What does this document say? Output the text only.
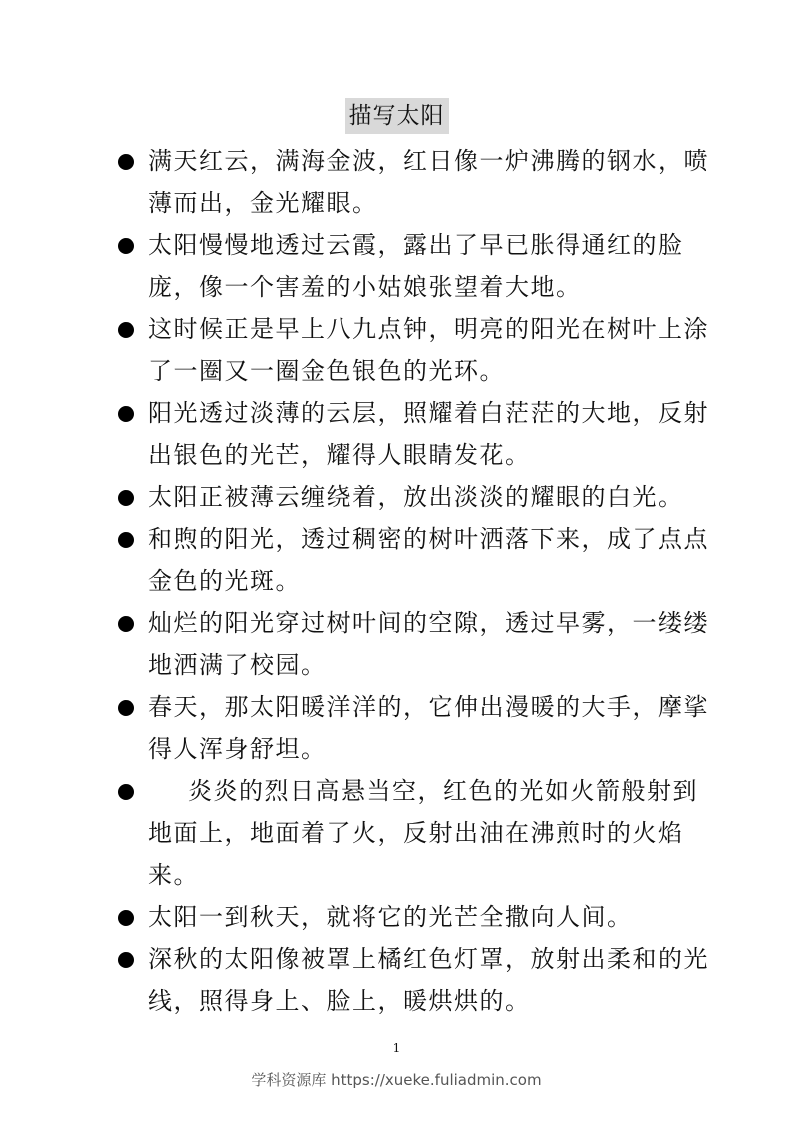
描写太阳
满天红云，满海金波，红日像一炉沸腾的钢水，喷薄而出，金光耀眼。
太阳慢慢地透过云霞，露出了早已胀得通红的脸庞，像一个害羞的小姑娘张望着大地。
这时候正是早上八九点钟，明亮的阳光在树叶上涂了一圈又一圈金色银色的光环。
阳光透过淡薄的云层，照耀着白茫茫的大地，反射出银色的光芒，耀得人眼睛发花。
太阳正被薄云缠绕着，放出淡淡的耀眼的白光。
和煦的阳光，透过稠密的树叶洒落下来，成了点点金色的光斑。
灿烂的阳光穿过树叶间的空隙，透过早雾，一缕缕地洒满了校园。
春天，那太阳暖洋洋的，它伸出漫暖的大手，摩挲得人浑身舒坦。
炎炎的烈日高悬当空，红色的光如火箭般射到地面上，地面着了火，反射出油在沸煎时的火焰来。
太阳一到秋天，就将它的光芒全撒向人间。
深秋的太阳像被罩上橘红色灯罩，放射出柔和的光线，照得身上、脸上，暖烘烘的。
1
学科资源库 https://xueke.fuliadmin.com
